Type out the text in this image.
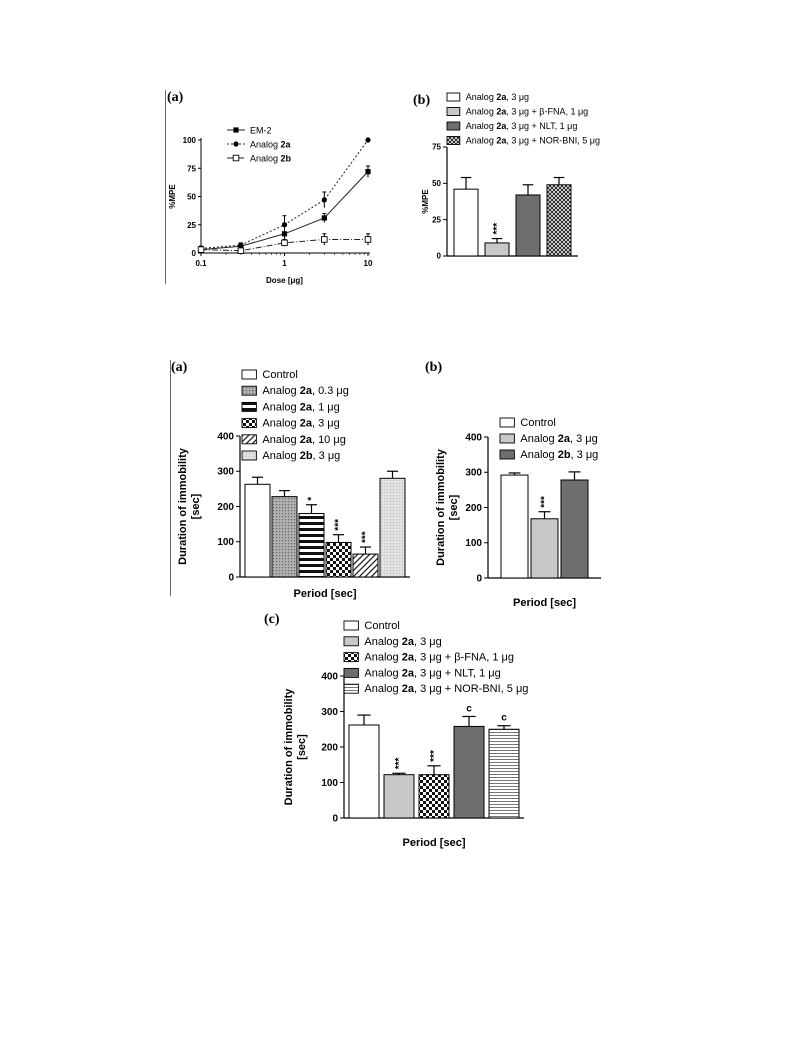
(a)
0
25
50
75
100
0.1	1	10
Dose [μg]
%MPE
EM-2
Analog 2a
Analog 2b
(b)	Analog 2a, 3 μg
Analog 2a, 3 μg + β-FNA, 1 μg
Analog 2a, 3 μg + NLT, 1 μg
Analog 2a, 3 μg + NOR-BNI, 5 μg
0
25
50
75
***
%MPE
(a)	Control
Analog 2a, 0.3 μg
Analog 2a, 1 μg
Analog 2a, 3 μg
Analog 2a, 10 μg
Analog 2b, 3 μg
0
100
200
300
400
*
***
***
Period [sec]
Duration of immobility [sec]
(b)
Control
Analog 2a, 3 μg
Analog 2b, 3 μg
0
100
200
300
400
***
Period [sec]
Duration of immobility [sec]
(c)	Control
Analog 2a, 3 μg
Analog 2a, 3 μg + β-FNA, 1 μg
Analog 2a, 3 μg + NLT, 1 μg
Analog 2a, 3 μg + NOR-BNI, 5 μg
0
100
200
300
400
***
***
c
c
Period [sec]
Duration of immobility [sec]
